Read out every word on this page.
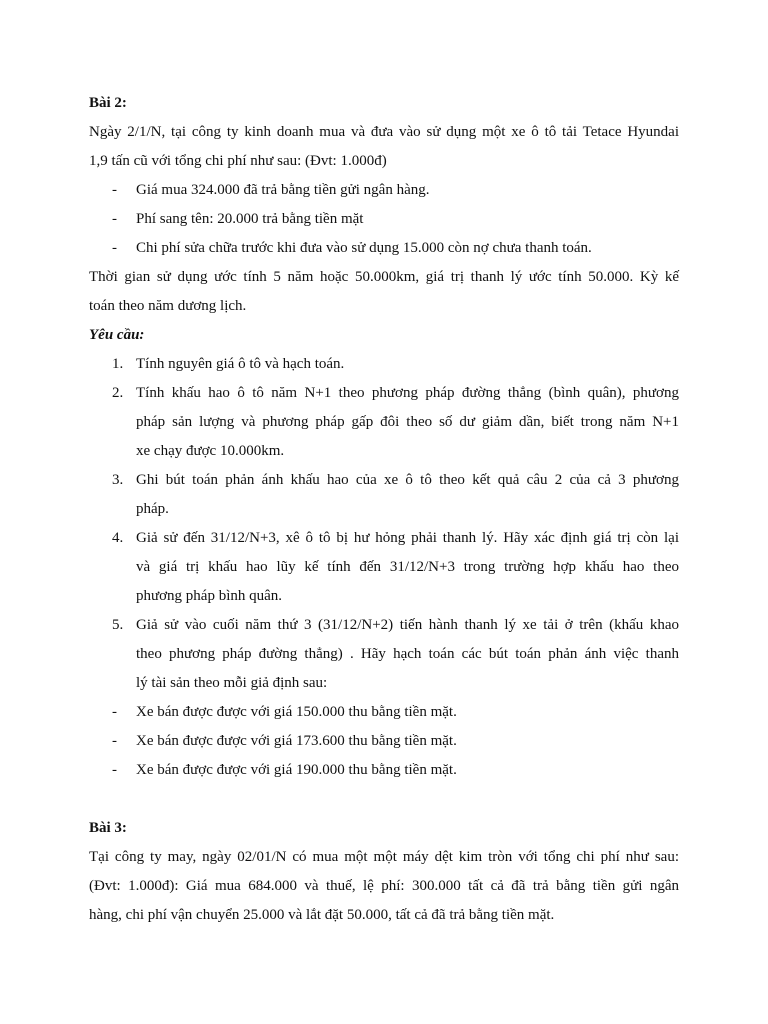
Bài 2:
Ngày 2/1/N, tại công ty kinh doanh mua và đưa vào sử dụng một xe ô tô tải Tetace Hyundai
1,9 tấn cũ với tổng chi phí như sau: (Đvt: 1.000đ)
- Giá mua 324.000 đã trả bằng tiền gửi ngân hàng.
- Phí sang tên: 20.000 trả bằng tiền mặt
- Chi phí sửa chữa trước khi đưa vào sử dụng 15.000 còn nợ chưa thanh toán.
Thời gian sử dụng ước tính 5 năm hoặc 50.000km, giá trị thanh lý ước tính 50.000. Kỳ kế
toán theo năm dương lịch.
Yêu cầu:
1. Tính nguyên giá ô tô và hạch toán.
2. Tính khấu hao ô tô năm N+1 theo phương pháp đường thẳng (bình quân), phương
pháp sản lượng và phương pháp gấp đôi theo số dư giảm dần, biết trong năm N+1
xe chạy được 10.000km.
3. Ghi bút toán phản ánh khấu hao của xe ô tô theo kết quả câu 2 của cả 3 phương
pháp.
4. Giả sử đến 31/12/N+3, xê ô tô bị hư hỏng phải thanh lý. Hãy xác định giá trị còn lại
và giá trị khấu hao lũy kế tính đến 31/12/N+3 trong trường hợp khấu hao theo
phương pháp bình quân.
5. Giả sử vào cuối năm thứ 3 (31/12/N+2) tiến hành thanh lý xe tải ở trên (khấu khao
theo phương pháp đường thẳng) . Hãy hạch toán các bút toán phản ánh việc thanh
lý tài sản theo mỗi giả định sau:
- Xe bán được được với giá 150.000 thu bằng tiền mặt.
- Xe bán được được với giá 173.600 thu bằng tiền mặt.
- Xe bán được được với giá 190.000 thu bằng tiền mặt.
Bài 3:
Tại công ty may, ngày 02/01/N có mua một một máy dệt kim tròn với tổng chi phí như sau:
(Đvt: 1.000đ): Giá mua 684.000 và thuế, lệ phí: 300.000 tất cả đã trả bằng tiền gửi ngân
hàng, chi phí vận chuyển 25.000 và lắt đặt 50.000, tất cả đã trả bằng tiền mặt.
